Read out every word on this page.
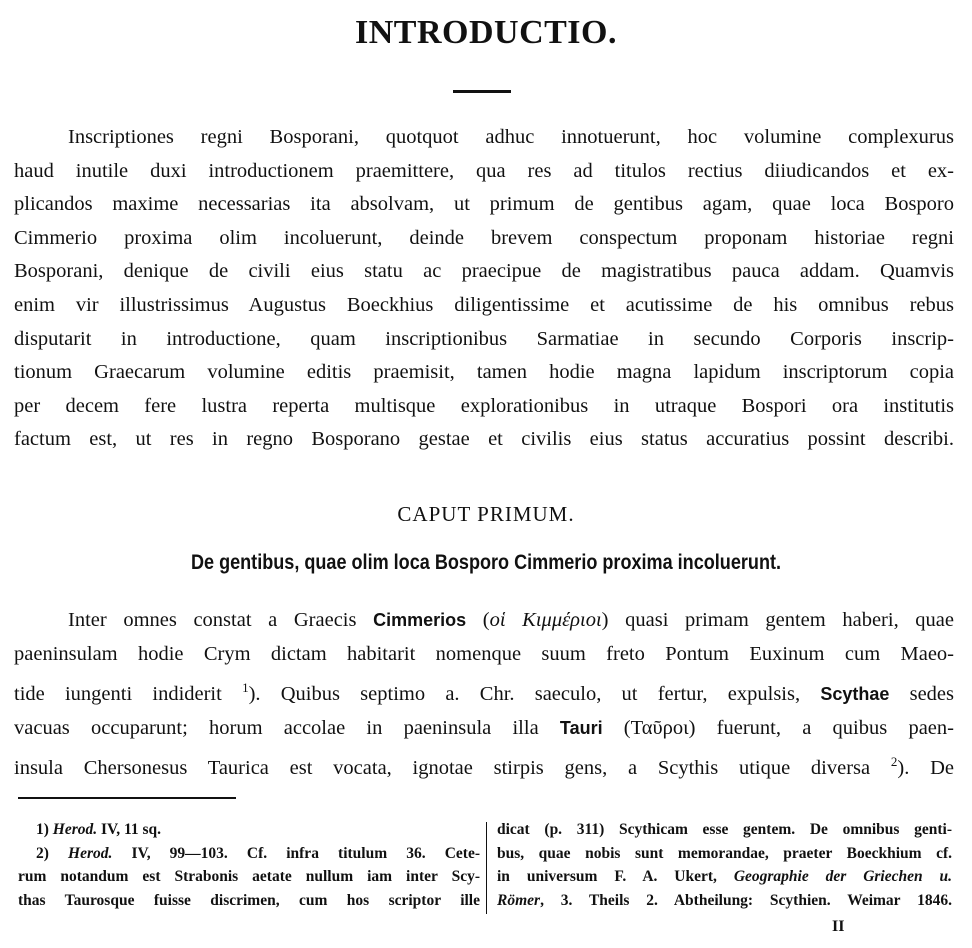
INTRODUCTIO.
Inscriptiones regni Bosporani, quotquot adhuc innotuerunt, hoc volumine complexurus
haud inutile duxi introductionem praemittere, qua res ad titulos rectius diiudicandos et ex-
plicandos maxime necessarias ita absolvam, ut primum de gentibus agam, quae loca Bosporo
Cimmerio proxima olim incoluerunt, deinde brevem conspectum proponam historiae regni
Bosporani, denique de civili eius statu ac praecipue de magistratibus pauca addam. Quamvis
enim vir illustrissimus Augustus Boeckhius diligentissime et acutissime de his omnibus rebus
disputarit in introductione, quam inscriptionibus Sarmatiae in secundo Corporis inscrip-
tionum Graecarum volumine editis praemisit, tamen hodie magna lapidum inscriptorum copia
per decem fere lustra reperta multisque explorationibus in utraque Bospori ora institutis
factum est, ut res in regno Bosporano gestae et civilis eius status accuratius possint describi.
CAPUT PRIMUM.
De gentibus, quae olim loca Bosporo Cimmerio proxima incoluerunt.
Inter omnes constat a Graecis Cimmerios (οἱ Κιμμέριοι) quasi primam gentem haberi, quae
paeninsulam hodie Crym dictam habitarit nomenque suum freto Pontum Euxinum cum Maeo-
tide iungenti indiderit $^1$). Quibus septimo a. Chr. saeculo, ut fertur, expulsis, Scythae sedes
vacuas occuparunt; horum accolae in paeninsula illa Tauri (Ταῦροι) fuerunt, a quibus paen-
insula Chersonesus Taurica est vocata, ignotae stirpis gens, a Scythis utique diversa $^2$). De
1) Herod. IV, 11 sq.
2) Herod. IV, 99—103. Cf. infra titulum 36. Cete-
rum notandum est Strabonis aetate nullum iam inter Scy-
thas Taurosque fuisse discrimen, cum hos scriptor ille
dicat (p. 311) Scythicam esse gentem. De omnibus genti-
bus, quae nobis sunt memorandae, praeter Boeckhium cf.
in universum F. A. Ukert, Geographie der Griechen u.
Römer, 3. Theils 2. Abtheilung: Scythien. Weimar 1846.
II
